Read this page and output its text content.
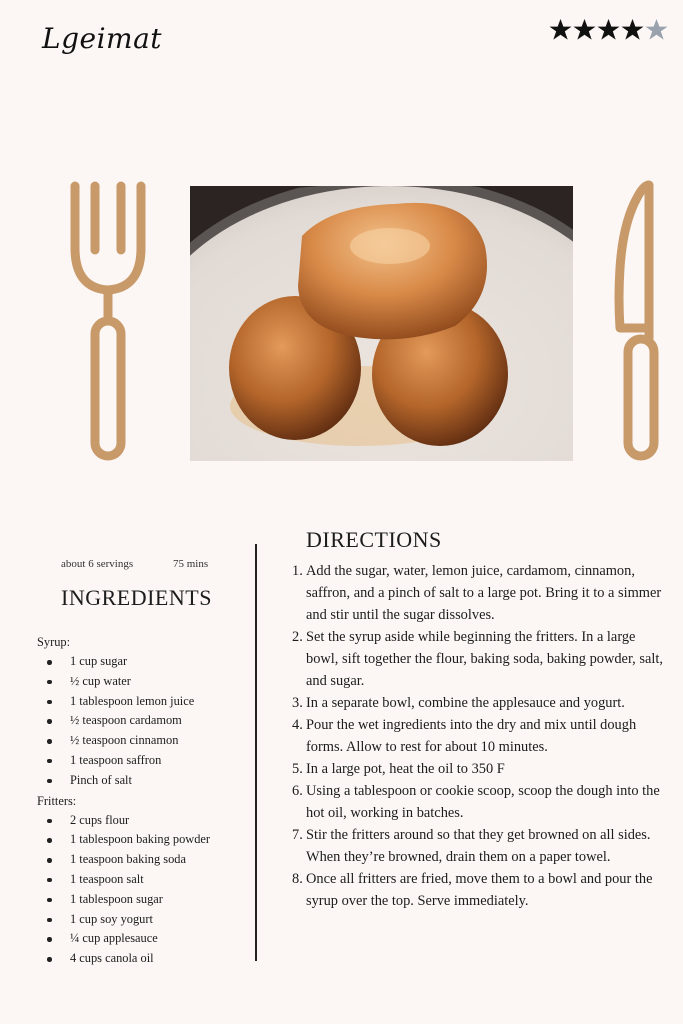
Lgeimat
about 6 servings	75 mins
INGREDIENTS
Syrup:
1 cup sugar
½ cup water
1 tablespoon lemon juice
½ teaspoon cardamom
½ teaspoon cinnamon
1 teaspoon saffron
Pinch of salt
Fritters:
2 cups flour
1 tablespoon baking powder
1 teaspoon baking soda
1 teaspoon salt
1 tablespoon sugar
1 cup soy yogurt
¼ cup applesauce
4 cups canola oil
DIRECTIONS
1. Add the sugar, water, lemon juice, cardamom, cinnamon, saffron, and a pinch of salt to a large pot. Bring it to a simmer and stir until the sugar dissolves.
2. Set the syrup aside while beginning the fritters. In a large bowl, sift together the flour, baking soda, baking powder, salt, and sugar.
3. In a separate bowl, combine the applesauce and yogurt.
4. Pour the wet ingredients into the dry and mix until dough forms. Allow to rest for about 10 minutes.
5. In a large pot, heat the oil to 350 F
6. Using a tablespoon or cookie scoop, scoop the dough into the hot oil, working in batches.
7. Stir the fritters around so that they get browned on all sides. When they’re browned, drain them on a paper towel.
8. Once all fritters are fried, move them to a bowl and pour the syrup over the top. Serve immediately.
